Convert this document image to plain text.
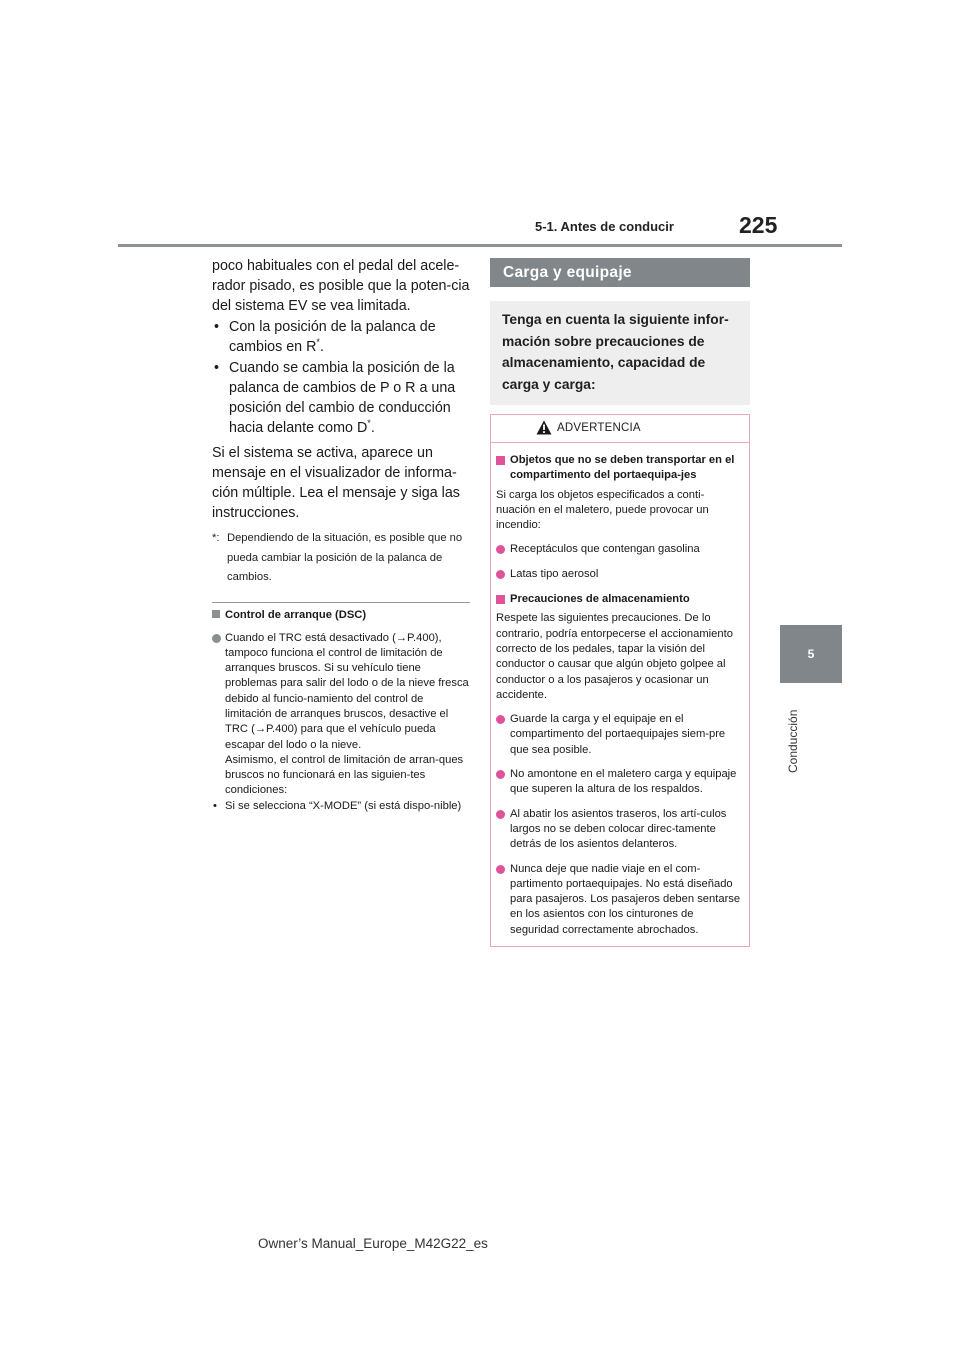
5-1. Antes de conducir	225
5
Conducción

poco habituales con el pedal del acele-rador pisado, es posible que la poten-cia del sistema EV se vea limitada.

• Con la posición de la palanca de cambios en R*.
• Cuando se cambia la posición de la palanca de cambios de P o R a una posición del cambio de conducción hacia delante como D*.

Si el sistema se activa, aparece un mensaje en el visualizador de informa-ción múltiple. Lea el mensaje y siga las instrucciones.

*: Dependiendo de la situación, es posible que no pueda cambiar la posición de la palanca de cambios.
Control de arranque (DSC)
Cuando el TRC está desactivado (→P.400), tampoco funciona el control de limitación de arranques bruscos. Si su vehículo tiene problemas para salir del lodo o de la nieve fresca debido al funcio-namiento del control de limitación de arranques bruscos, desactive el TRC (→P.400) para que el vehículo pueda escapar del lodo o la nieve.
Asimismo, el control de limitación de arran-ques bruscos no funcionará en las siguien-tes condiciones:
• Si se selecciona “X-MODE” (si está dispo-nible)
Carga y equipaje
Tenga en cuenta la siguiente infor-mación sobre precauciones de almacenamiento, capacidad de carga y carga:
ADVERTENCIA
Objetos que no se deben transportar en el compartimento del portaequipa-jes
Si carga los objetos especificados a conti-nuación en el maletero, puede provocar un incendio:
Receptáculos que contengan gasolina
Latas tipo aerosol
Precauciones de almacenamiento
Respete las siguientes precauciones. De lo contrario, podría entorpecerse el accionamiento correcto de los pedales, tapar la visión del conductor o causar que algún objeto golpee al conductor o a los pasajeros y ocasionar un accidente.
Guarde la carga y el equipaje en el compartimento del portaequipajes siem-pre que sea posible.
No amontone en el maletero carga y equipaje que superen la altura de los respaldos.
Al abatir los asientos traseros, los artí-culos largos no se deben colocar direc-tamente detrás de los asientos delanteros.
Nunca deje que nadie viaje en el com-partimento portaequipajes. No está diseñado para pasajeros. Los pasajeros deben sentarse en los asientos con los cinturones de seguridad correctamente abrochados.
Owner’s Manual_Europe_M42G22_es
